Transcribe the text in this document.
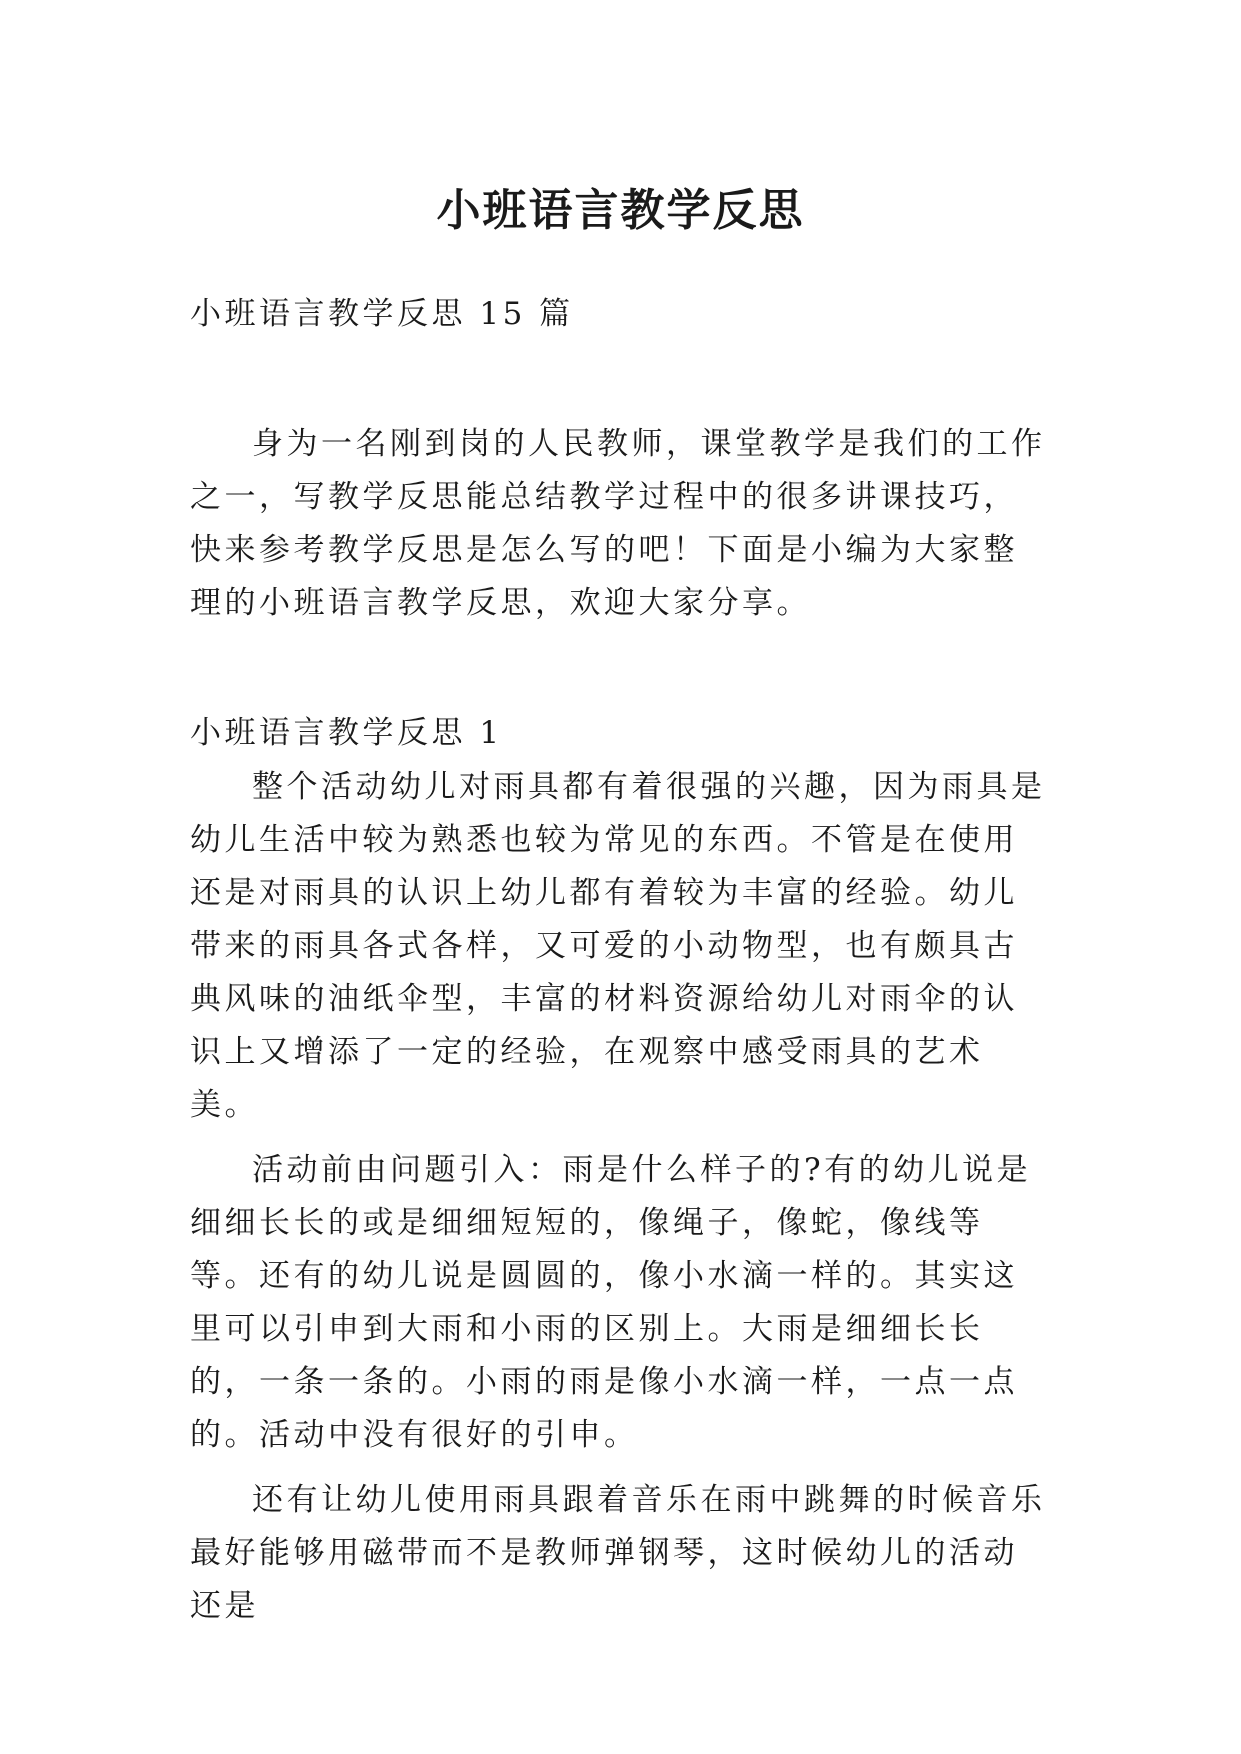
小班语言教学反思

小班语言教学反思 15 篇

身为一名刚到岗的人民教师，课堂教学是我们的工作之一，写教学反思能总结教学过程中的很多讲课技巧，快来参考教学反思是怎么写的吧！下面是小编为大家整理的小班语言教学反思，欢迎大家分享。

小班语言教学反思 1

整个活动幼儿对雨具都有着很强的兴趣，因为雨具是幼儿生活中较为熟悉也较为常见的东西。不管是在使用还是对雨具的认识上幼儿都有着较为丰富的经验。幼儿带来的雨具各式各样，又可爱的小动物型，也有颇具古典风味的油纸伞型，丰富的材料资源给幼儿对雨伞的认识上又增添了一定的经验，在观察中感受雨具的艺术美。

活动前由问题引入：雨是什么样子的?有的幼儿说是细细长长的或是细细短短的，像绳子，像蛇，像线等等。还有的幼儿说是圆圆的，像小水滴一样的。其实这里可以引申到大雨和小雨的区别上。大雨是细细长长的，一条一条的。小雨的雨是像小水滴一样，一点一点的。活动中没有很好的引申。

还有让幼儿使用雨具跟着音乐在雨中跳舞的时候音乐最好能够用磁带而不是教师弹钢琴，这时候幼儿的活动还是
